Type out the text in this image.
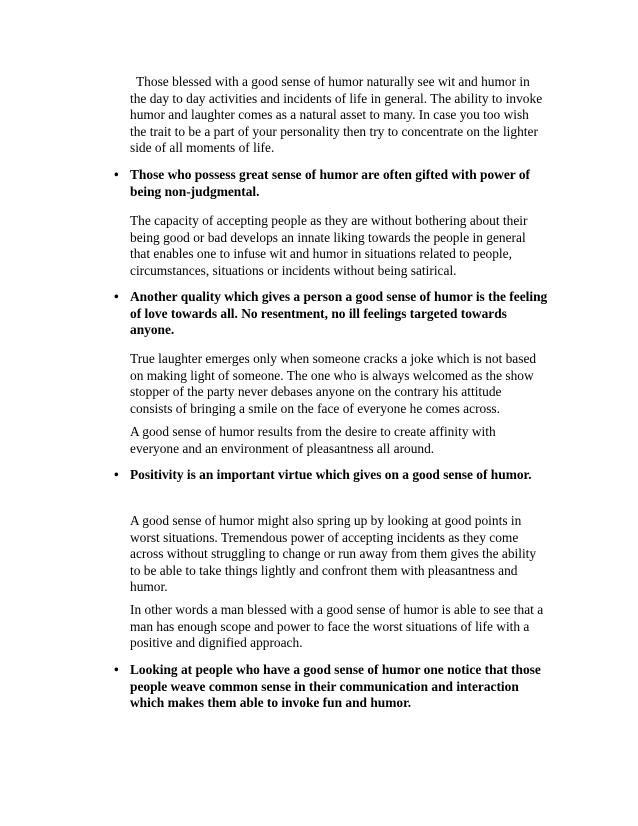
Those blessed with a good sense of humor naturally see wit and humor in the day to day activities and incidents of life in general. The ability to invoke humor and laughter comes as a natural asset to many. In case you too wish the trait to be a part of your personality then try to concentrate on the lighter side of all moments of life.

• Those who possess great sense of humor are often gifted with power of being non-judgmental.

The capacity of accepting people as they are without bothering about their being good or bad develops an innate liking towards the people in general that enables one to infuse wit and humor in situations related to people, circumstances, situations or incidents without being satirical.

• Another quality which gives a person a good sense of humor is the feeling of love towards all. No resentment, no ill feelings targeted towards anyone.

True laughter emerges only when someone cracks a joke which is not based on making light of someone. The one who is always welcomed as the show stopper of the party never debases anyone on the contrary his attitude consists of bringing a smile on the face of everyone he comes across.

A good sense of humor results from the desire to create affinity with everyone and an environment of pleasantness all around.

• Positivity is an important virtue which gives on a good sense of humor.

A good sense of humor might also spring up by looking at good points in worst situations. Tremendous power of accepting incidents as they come across without struggling to change or run away from them gives the ability to be able to take things lightly and confront them with pleasantness and humor.

In other words a man blessed with a good sense of humor is able to see that a man has enough scope and power to face the worst situations of life with a positive and dignified approach.

• Looking at people who have a good sense of humor one notice that those people weave common sense in their communication and interaction which makes them able to invoke fun and humor.
